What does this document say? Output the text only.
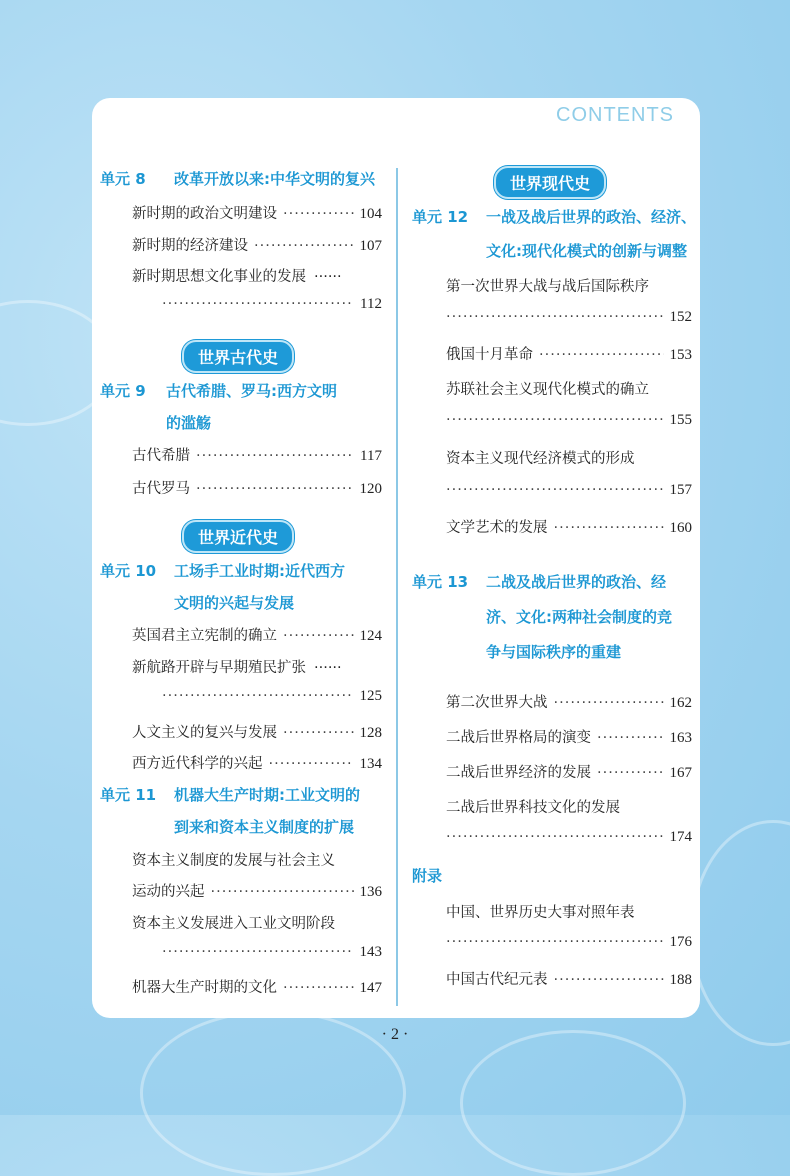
CONTENTS
单元 8 改革开放以来:中华文明的复兴
新时期的政治文明建设 ·····	104
新时期的经济建设 ·····	107
新时期思想文化事业的发展 ······
·····
112
世界古代史
单元 9 古代希腊、罗马:西方文明
的滥觞
古代希腊 ·····	117
古代罗马 ·····	120
世界近代史
单元 10 工场手工业时期:近代西方
文明的兴起与发展
英国君主立宪制的确立 ·····	124
新航路开辟与早期殖民扩张 ······
·····
125
人文主义的复兴与发展 ·····	128
西方近代科学的兴起 ·····	134
单元 11 机器大生产时期:工业文明的
到来和资本主义制度的扩展
资本主义制度的发展与社会主义
运动的兴起 ·····	136
资本主义发展进入工业文明阶段
·····
143
机器大生产时期的文化 ·····	147
世界现代史
单元 12 一战及战后世界的政治、经济、
文化:现代化模式的创新与调整
第一次世界大战与战后国际秩序
·····
152
俄国十月革命 ·····	153
苏联社会主义现代化模式的确立
·····
155
资本主义现代经济模式的形成
·····
157
文学艺术的发展 ·····	160
单元 13 二战及战后世界的政治、经
济、文化:两种社会制度的竞
争与国际秩序的重建
第二次世界大战 ·····	162
二战后世界格局的演变 ·····	163
二战后世界经济的发展 ·····	167
二战后世界科技文化的发展
·····
174
附录
中国、世界历史大事对照年表
·····
176
中国古代纪元表 ·····	188
· 2 ·
